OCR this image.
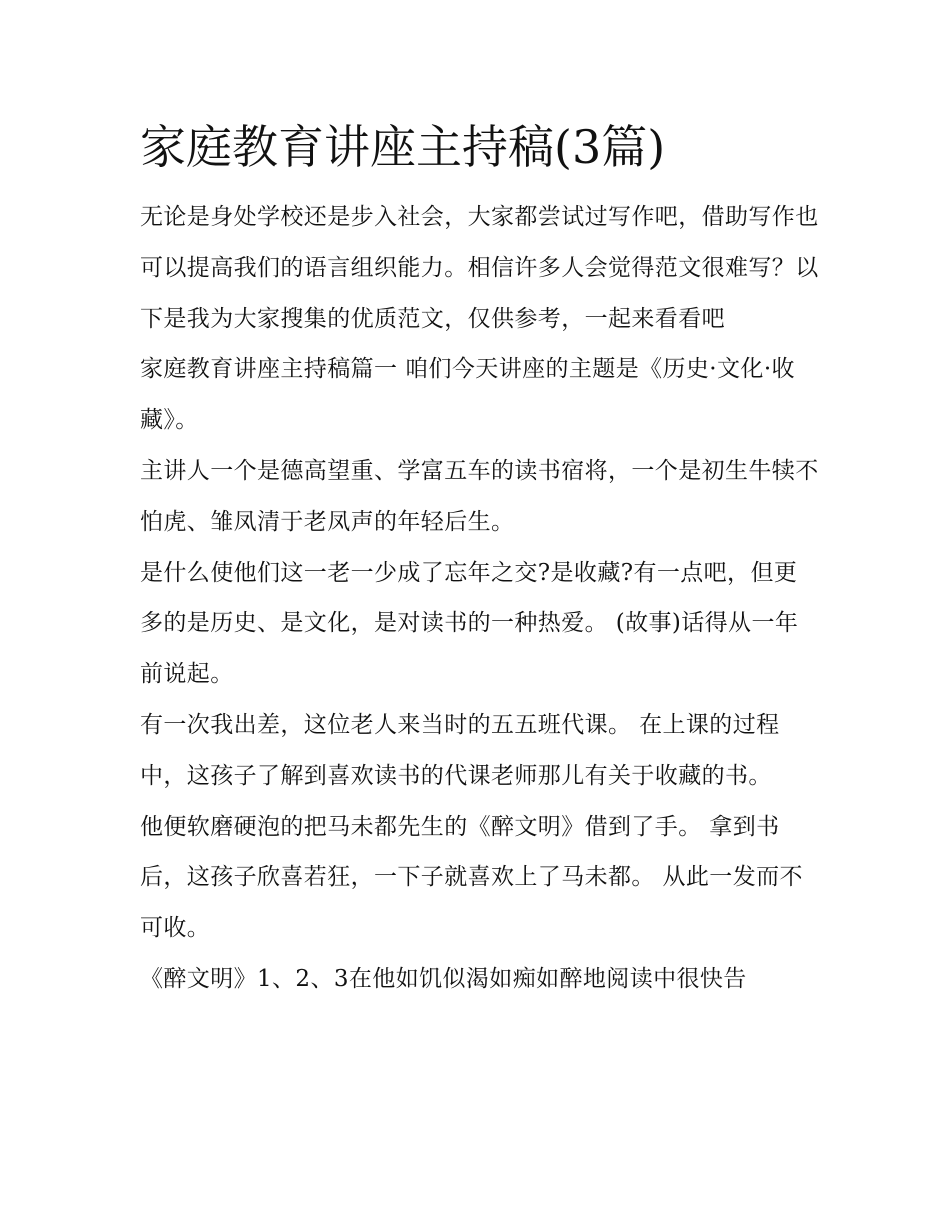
家庭教育讲座主持稿(3篇)

无论是身处学校还是步入社会，大家都尝试过写作吧，借助写作也可以提高我们的语言组织能力。相信许多人会觉得范文很难写？以下是我为大家搜集的优质范文，仅供参考，一起来看看吧

家庭教育讲座主持稿篇一 咱们今天讲座的主题是《历史·文化·收藏》。

主讲人一个是德高望重、学富五车的读书宿将，一个是初生牛犊不怕虎、雏凤清于老凤声的年轻后生。

是什么使他们这一老一少成了忘年之交?是收藏?有一点吧，但更多的是历史、是文化，是对读书的一种热爱。 (故事)话得从一年前说起。

有一次我出差，这位老人来当时的五五班代课。 在上课的过程中，这孩子了解到喜欢读书的代课老师那儿有关于收藏的书。

他便软磨硬泡的把马未都先生的《醉文明》借到了手。 拿到书后，这孩子欣喜若狂，一下子就喜欢上了马未都。 从此一发而不可收。

《醉文明》1、2、3在他如饥似渴如痴如醉地阅读中很快告
